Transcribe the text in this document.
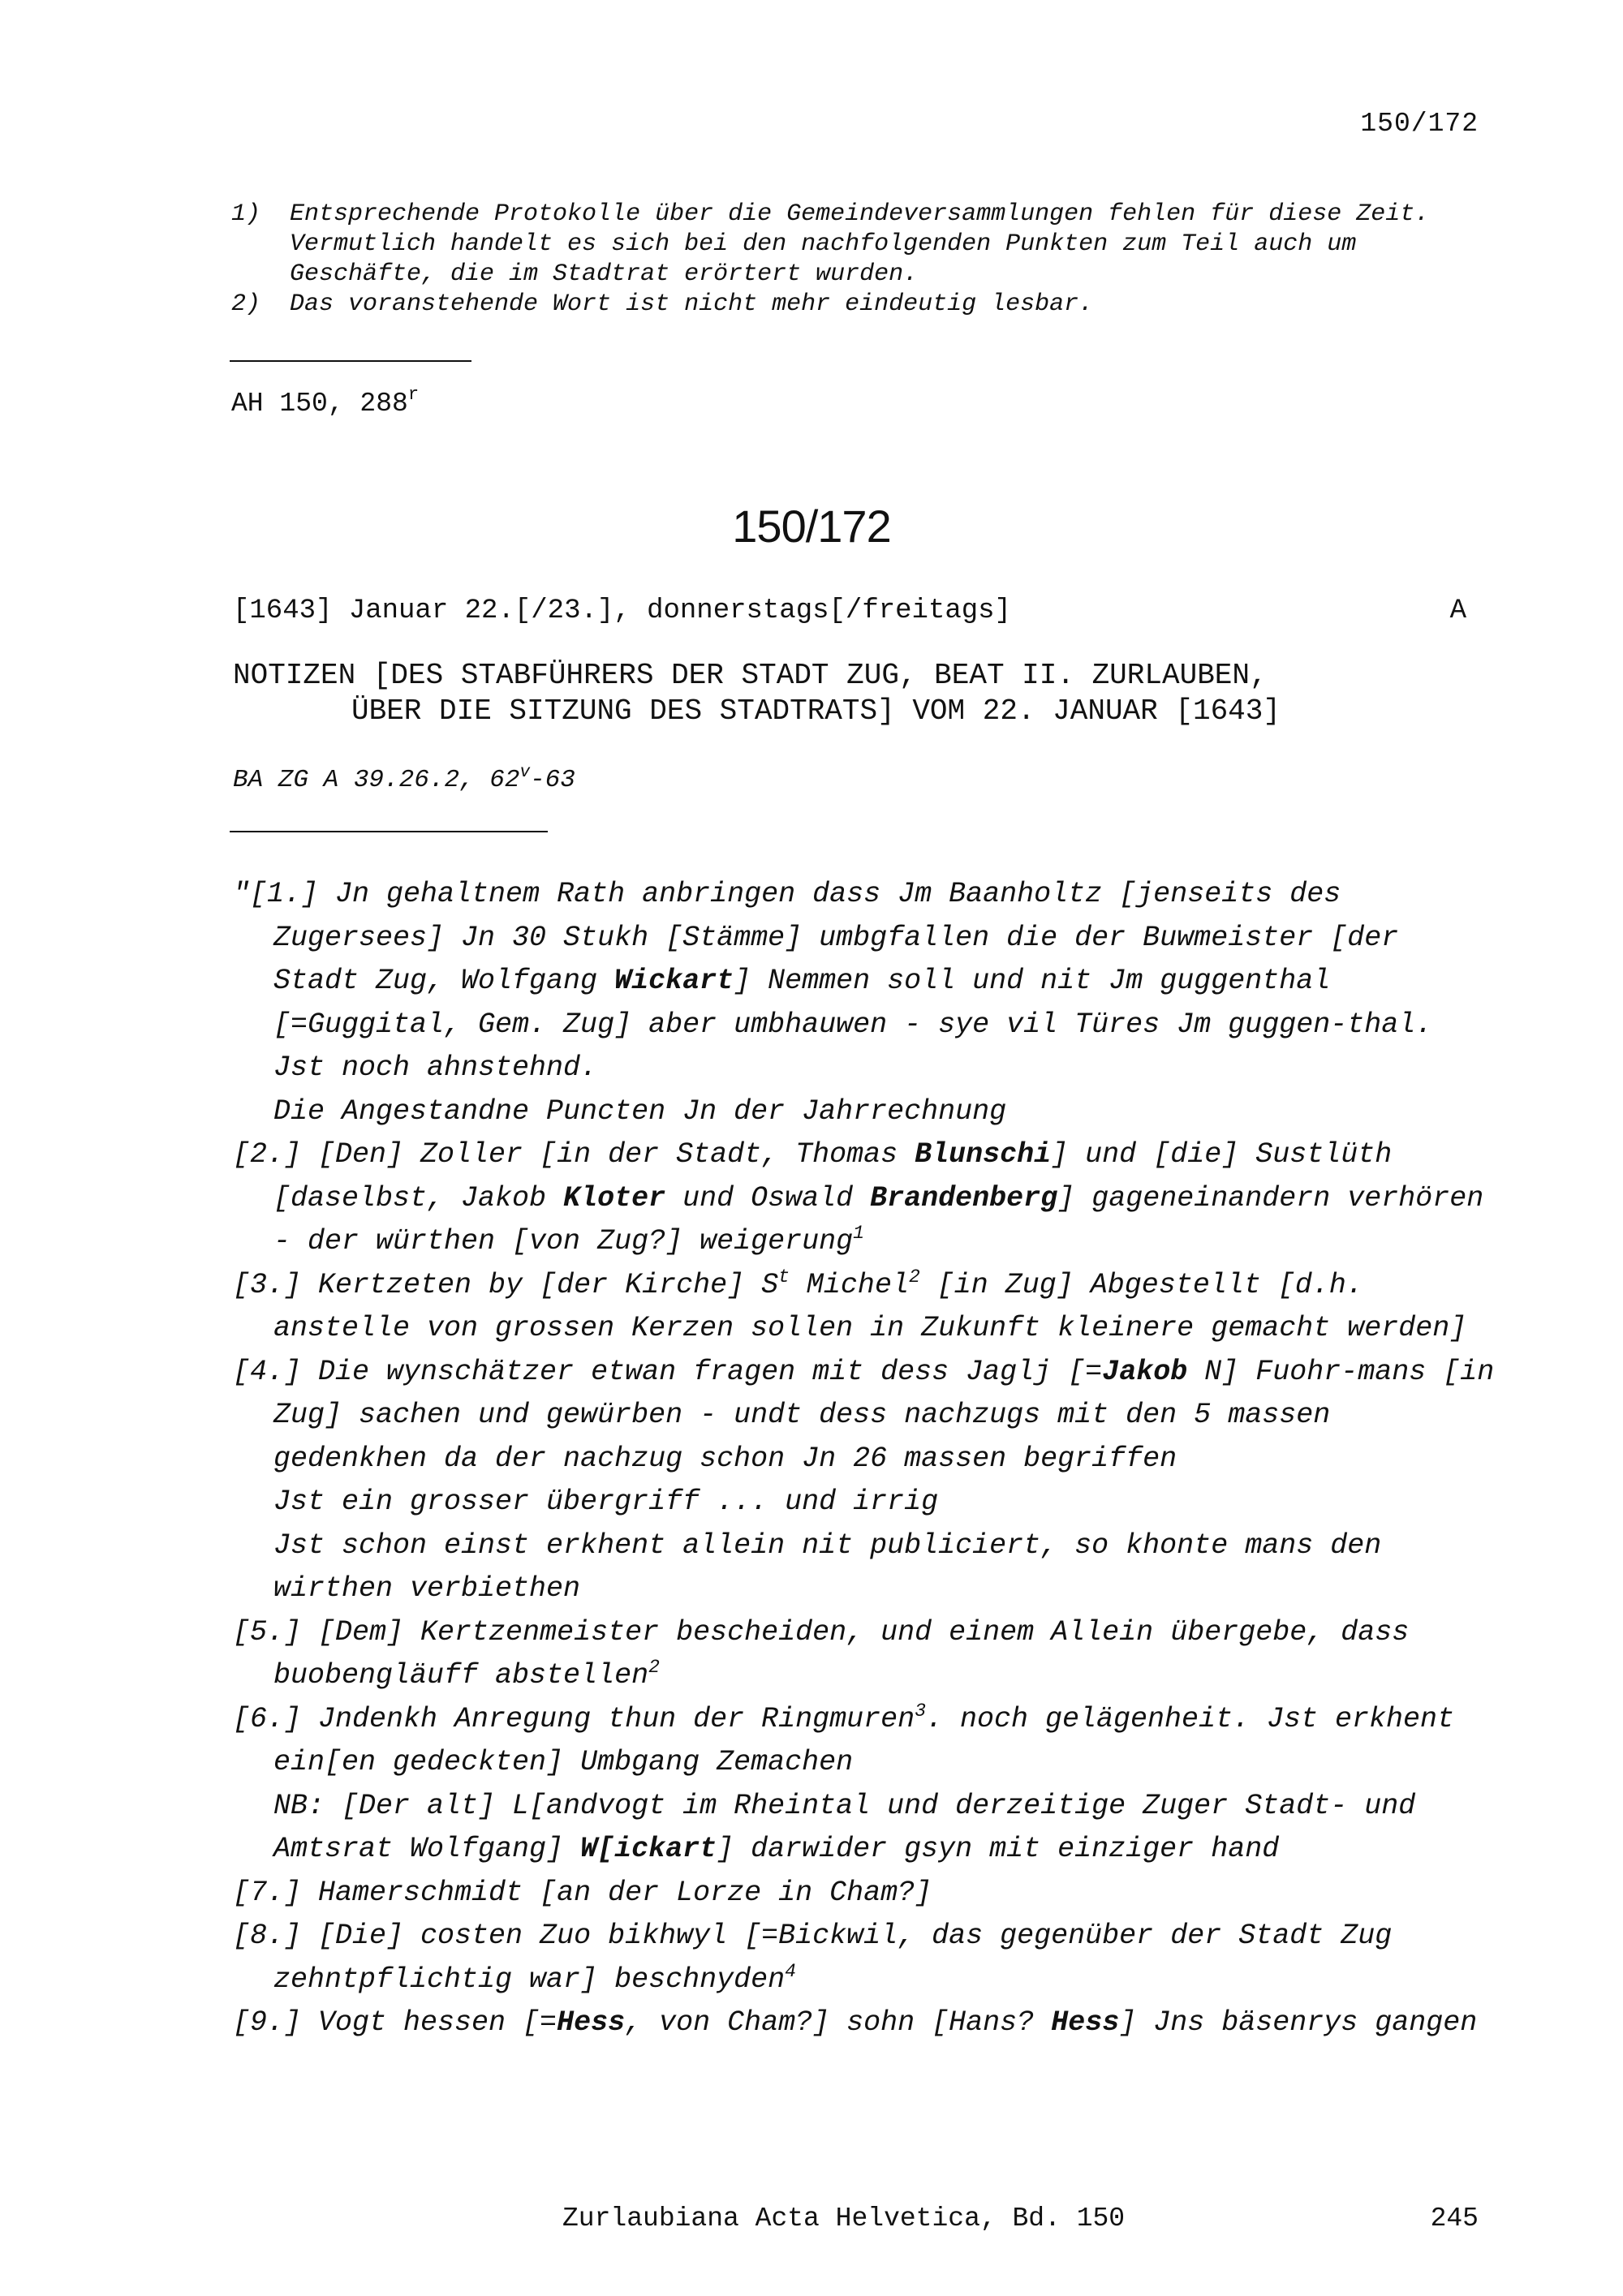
150/172
1)	Entsprechende Protokolle über die Gemeindeversammlungen fehlen für diese Zeit. Vermutlich handelt es sich bei den nachfolgenden Punkten zum Teil auch um Geschäfte, die im Stadtrat erörtert wurden.
2)	Das voranstehende Wort ist nicht mehr eindeutig lesbar.
AH 150, 288$^r$
150/172
[1643] Januar 22.[/23.], donnerstags[/freitags]	A
NOTIZEN [DES STABFÜHRERS DER STADT ZUG, BEAT II. ZURLAUBEN,
ÜBER DIE SITZUNG DES STADTRATS] VOM 22. JANUAR [1643]
BA ZG A 39.26.2, 62$^v$-63
"[1.] Jn gehaltnem Rath anbringen dass Jm Baanholtz [jenseits des Zugersees] Jn 30 Stukh [Stämme] umbgfallen die der Buwmeister [der Stadt Zug, Wolfgang Wickart] Nemmen soll und nit Jm guggenthal [=Guggital, Gem. Zug] aber umbhauwen - sye vil Türes Jm guggen-thal. Jst noch ahnstehnd.
Die Angestandne Puncten Jn der Jahrrechnung
[2.] [Den] Zoller [in der Stadt, Thomas Blunschi] und [die] Sustlüth [daselbst, Jakob Kloter und Oswald Brandenberg] gageneinandern verhören - der würthen [von Zug?] weigerung$^1$
[3.] Kertzeten by [der Kirche] $S^t$ Michel$^2$ [in Zug] Abgestellt [d.h. anstelle von grossen Kerzen sollen in Zukunft kleinere gemacht werden]
[4.] Die wynschätzer etwan fragen mit dess Jaglj [=Jakob N] Fuohr-mans [in Zug] sachen und gewürben - undt dess nachzugs mit den 5 massen gedenkhen da der nachzug schon Jn 26 massen begriffen
Jst ein grosser übergriff ... und irrig
Jst schon einst erkhent allein nit publiciert, so khonte mans den wirthen verbiethen
[5.] [Dem] Kertzenmeister bescheiden, und einem Allein übergebe, dass buobengläuff abstellen$^2$
[6.] Jndenkh Anregung thun der Ringmuren$^3$. noch gelägenheit. Jst erkhent ein[en gedeckten] Umbgang Zemachen
NB: [Der alt] L[andvogt im Rheintal und derzeitige Zuger Stadt- und Amtsrat Wolfgang] W[ickart] darwider gsyn mit einziger hand
[7.] Hamerschmidt [an der Lorze in Cham?]
[8.] [Die] costen Zuo bikhwyl [=Bickwil, das gegenüber der Stadt Zug zehntpflichtig war] beschnyden$^4$
[9.] Vogt hessen [=Hess, von Cham?] sohn [Hans? Hess] Jns bäsenrys gangen
Zurlaubiana Acta Helvetica, Bd. 150	245
